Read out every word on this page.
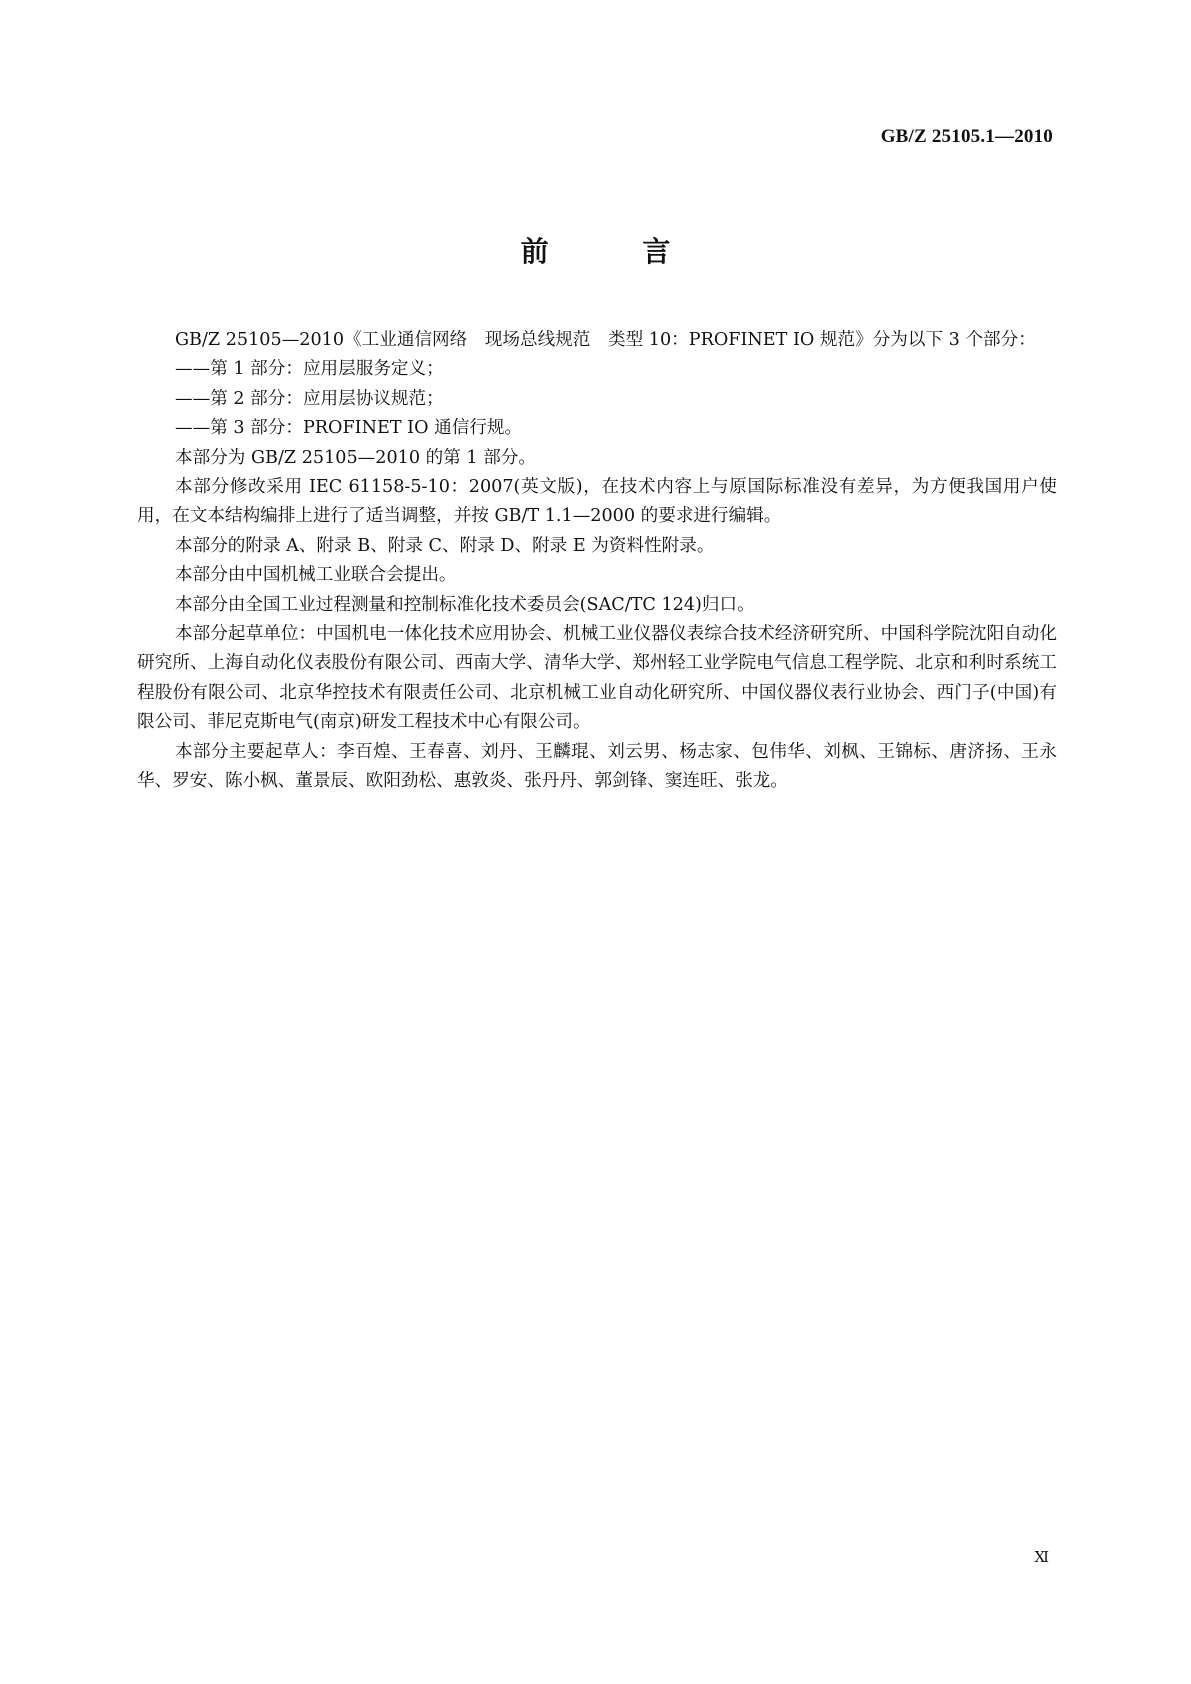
GB/Z 25105.1—2010
前 言

GB/Z 25105—2010《工业通信网络　现场总线规范　类型 10：PROFINET IO 规范》分为以下 3 个部分：

——第 1 部分：应用层服务定义；

——第 2 部分：应用层协议规范；

——第 3 部分：PROFINET IO 通信行规。

本部分为 GB/Z 25105—2010 的第 1 部分。

本部分修改采用 IEC 61158-5-10：2007(英文版)，在技术内容上与原国际标准没有差异，为方便我国用户使用，在文本结构编排上进行了适当调整，并按 GB/T 1.1—2000 的要求进行编辑。

本部分的附录 A、附录 B、附录 C、附录 D、附录 E 为资料性附录。

本部分由中国机械工业联合会提出。

本部分由全国工业过程测量和控制标准化技术委员会(SAC/TC 124)归口。

本部分起草单位：中国机电一体化技术应用协会、机械工业仪器仪表综合技术经济研究所、中国科学院沈阳自动化研究所、上海自动化仪表股份有限公司、西南大学、清华大学、郑州轻工业学院电气信息工程学院、北京和利时系统工程股份有限公司、北京华控技术有限责任公司、北京机械工业自动化研究所、中国仪器仪表行业协会、西门子(中国)有限公司、菲尼克斯电气(南京)研发工程技术中心有限公司。

本部分主要起草人：李百煌、王春喜、刘丹、王麟琨、刘云男、杨志家、包伟华、刘枫、王锦标、唐济扬、王永华、罗安、陈小枫、董景辰、欧阳劲松、惠敦炎、张丹丹、郭剑锋、窦连旺、张龙。

Ⅺ
